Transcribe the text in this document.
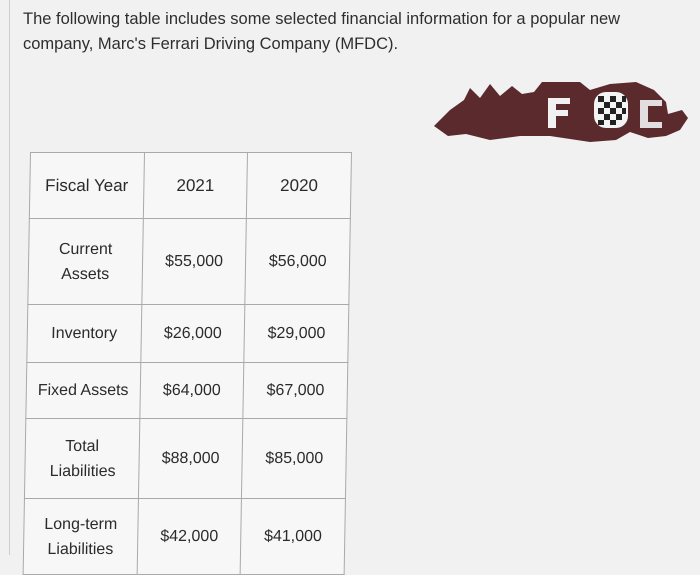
The following table includes some selected financial information for a popular new company, Marc's Ferrari Driving Company (MFDC).

Fiscal Year	2021	2020
Current Assets	$55,000	$56,000
Inventory	$26,000	$29,000
Fixed Assets	$64,000	$67,000
Total Liabilities	$88,000	$85,000
Long-term Liabilities	$42,000	$41,000
